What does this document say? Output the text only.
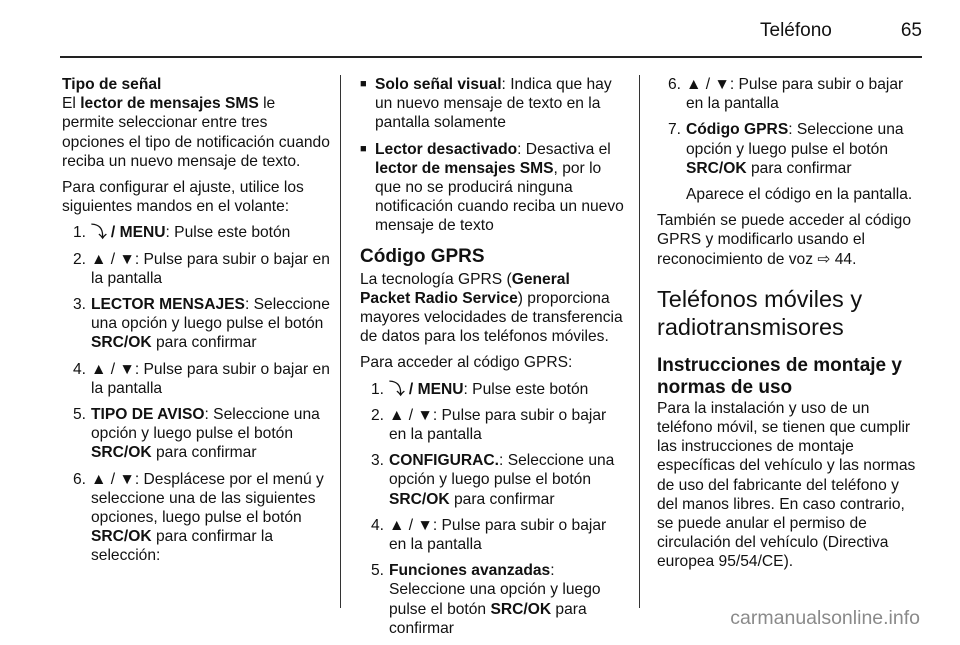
Teléfono	65
Tipo de señal

El lector de mensajes SMS le permite seleccionar entre tres opciones el tipo de notificación cuando reciba un nuevo mensaje de texto.

Para configurar el ajuste, utilice los siguientes mandos en el volante:

1. ⤵ / MENU: Pulse este botón
2. ▲ / ▼: Pulse para subir o bajar en la pantalla
3. LECTOR MENSAJES: Seleccione una opción y luego pulse el botón SRC/OK para confirmar
4. ▲ / ▼: Pulse para subir o bajar en la pantalla
5. TIPO DE AVISO: Seleccione una opción y luego pulse el botón SRC/OK para confirmar
6. ▲ / ▼: Desplácese por el menú y seleccione una de las siguientes opciones, luego pulse el botón SRC/OK para confirmar la selección:
■ Solo señal visual: Indica que hay un nuevo mensaje de texto en la pantalla solamente
■ Lector desactivado: Desactiva el lector de mensajes SMS, por lo que no se producirá ninguna notificación cuando reciba un nuevo mensaje de texto
Código GPRS

La tecnología GPRS (General Packet Radio Service) proporciona mayores velocidades de transferencia de datos para los teléfonos móviles.

Para acceder al código GPRS:

1. ⤵ / MENU: Pulse este botón
2. ▲ / ▼: Pulse para subir o bajar en la pantalla
3. CONFIGURAC.: Seleccione una opción y luego pulse el botón SRC/OK para confirmar
4. ▲ / ▼: Pulse para subir o bajar en la pantalla
5. Funciones avanzadas: Seleccione una opción y luego pulse el botón SRC/OK para confirmar
6. ▲ / ▼: Pulse para subir o bajar en la pantalla
7. Código GPRS: Seleccione una opción y luego pulse el botón SRC/OK para confirmar

Aparece el código en la pantalla.

También se puede acceder al código GPRS y modificarlo usando el reconocimiento de voz ⇨ 44.

Teléfonos móviles y radiotransmisores
Instrucciones de montaje y normas de uso

Para la instalación y uso de un teléfono móvil, se tienen que cumplir las instrucciones de montaje específicas del vehículo y las normas de uso del fabricante del teléfono y del manos libres. En caso contrario, se puede anular el permiso de circulación del vehículo (Directiva europea 95/54/CE).

carmanualsonline.info
